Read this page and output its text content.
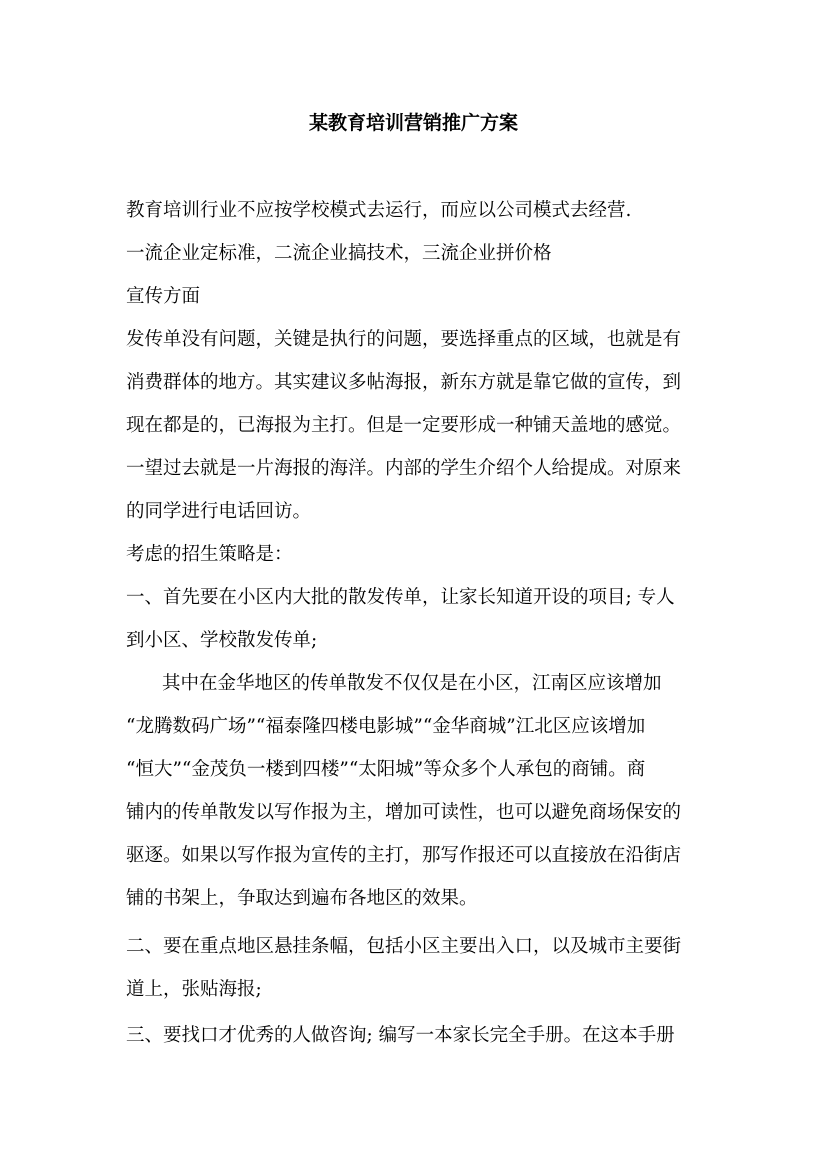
某教育培训营销推广方案
教育培训行业不应按学校模式去运行，而应以公司模式去经营.
一流企业定标准，二流企业搞技术，三流企业拼价格
宣传方面
发传单没有问题，关键是执行的问题，要选择重点的区域，也就是有
消费群体的地方。其实建议多帖海报，新东方就是靠它做的宣传，到
现在都是的，已海报为主打。但是一定要形成一种铺天盖地的感觉。
一望过去就是一片海报的海洋。内部的学生介绍个人给提成。对原来
的同学进行电话回访。
考虑的招生策略是：
一、首先要在小区内大批的散发传单，让家长知道开设的项目; 专人
到小区、学校散发传单;
其中在金华地区的传单散发不仅仅是在小区，江南区应该增加
“龙腾数码广场”“福泰隆四楼电影城”“金华商城”江北区应该增加
“恒大”“金茂负一楼到四楼”“太阳城”等众多个人承包的商铺。商
铺内的传单散发以写作报为主，增加可读性，也可以避免商场保安的
驱逐。如果以写作报为宣传的主打，那写作报还可以直接放在沿街店
铺的书架上，争取达到遍布各地区的效果。
二、要在重点地区悬挂条幅，包括小区主要出入口，以及城市主要街
道上，张贴海报;
三、要找口才优秀的人做咨询; 编写一本家长完全手册。在这本手册
